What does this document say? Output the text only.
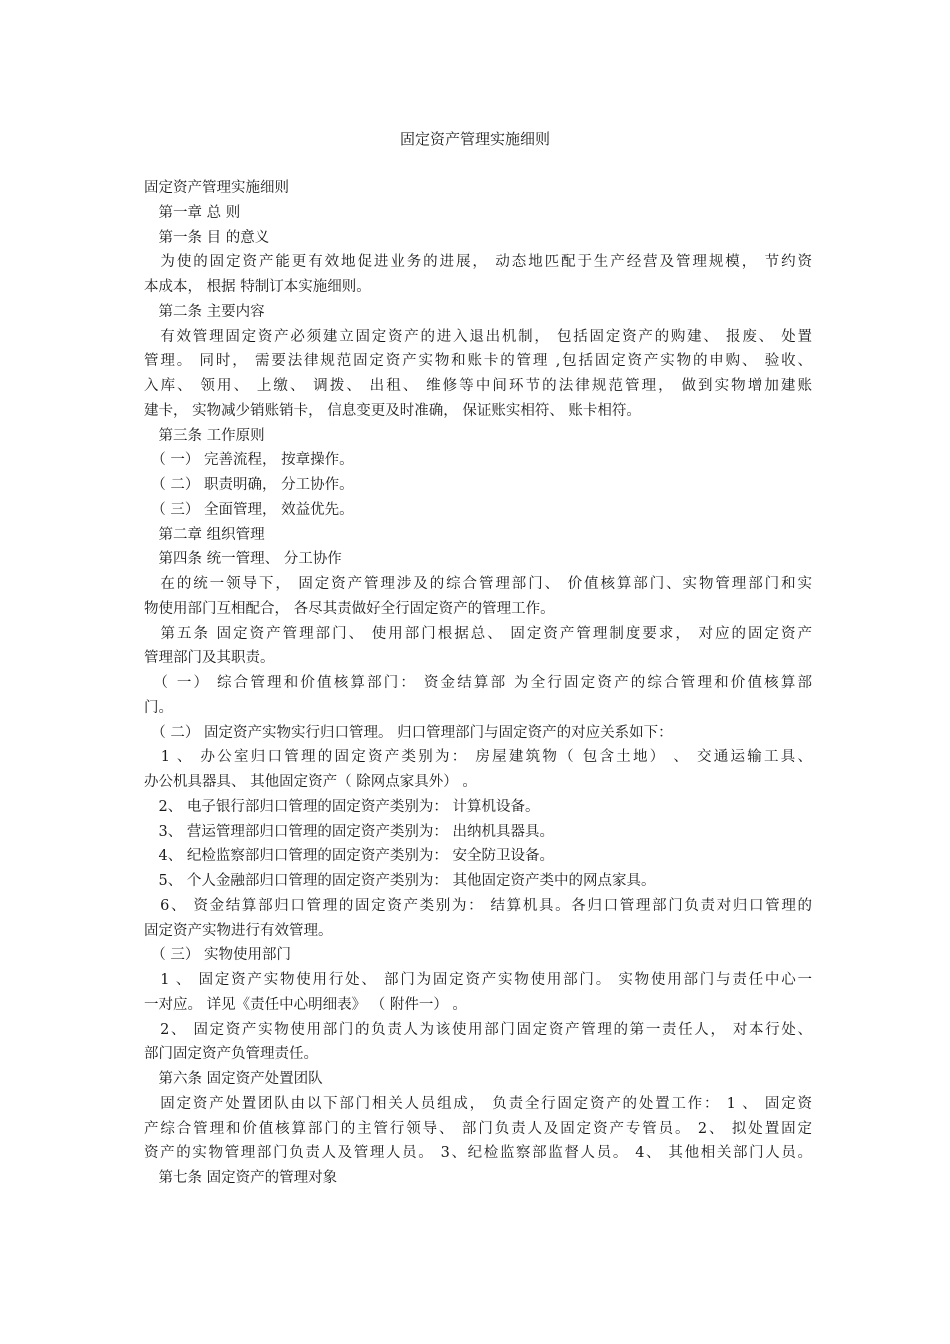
固定资产管理实施细则
固定资产管理实施细则
　第一章 总 则
　第一条 目 的意义
　为使的固定资产能更有效地促进业务的进展， 动态地匹配于生产经营及管理规模， 节约资
本成本， 根据 特制订本实施细则。
　第二条 主要内容
　有效管理固定资产必须建立固定资产的进入退出机制， 包括固定资产的购建、 报废、 处置
管理。 同时， 需要法律规范固定资产实物和账卡的管理 ,包括固定资产实物的申购、 验收、
入库、 领用、 上缴、 调拨、 出租、 维修等中间环节的法律规范管理， 做到实物增加建账
建卡， 实物减少销账销卡， 信息变更及时准确， 保证账实相符、 账卡相符。
　第三条 工作原则
　（ 一） 完善流程， 按章操作。
　（ 二） 职责明确， 分工协作。
　（ 三） 全面管理， 效益优先。
　第二章 组织管理
　第四条 统一管理、 分工协作
　在的统一领导下， 固定资产管理涉及的综合管理部门、 价值核算部门、实物管理部门和实
物使用部门互相配合， 各尽其责做好全行固定资产的管理工作。
　第五条 固定资产管理部门、 使用部门根据总、 固定资产管理制度要求， 对应的固定资产
管理部门及其职责。
　（ 一） 综合管理和价值核算部门： 资金结算部 为全行固定资产的综合管理和价值核算部
门。
　（ 二） 固定资产实物实行归口管理。 归口管理部门与固定资产的对应关系如下：
　1 、 办公室归口管理的固定资产类别为： 房屋建筑物（ 包含土地） 、 交通运输工具、
办公机具器具、 其他固定资产（ 除网点家具外） 。
　2、 电子银行部归口管理的固定资产类别为： 计算机设备。
　3、 营运管理部归口管理的固定资产类别为： 出纳机具器具。
　4、 纪检监察部归口管理的固定资产类别为： 安全防卫设备。
　5、 个人金融部归口管理的固定资产类别为： 其他固定资产类中的网点家具。
　6、 资金结算部归口管理的固定资产类别为： 结算机具。各归口管理部门负责对归口管理的
固定资产实物进行有效管理。
　（ 三） 实物使用部门
　1 、 固定资产实物使用行处、 部门为固定资产实物使用部门。 实物使用部门与责任中心一
一对应。 详见《责任中心明细表》 （ 附件一） 。
　2、 固定资产实物使用部门的负责人为该使用部门固定资产管理的第一责任人， 对本行处、
部门固定资产负管理责任。
　第六条 固定资产处置团队
　固定资产处置团队由以下部门相关人员组成， 负责全行固定资产的处置工作： 1 、 固定资
产综合管理和价值核算部门的主管行领导、 部门负责人及固定资产专管员。 2、 拟处置固定
资产的实物管理部门负责人及管理人员。 3、纪检监察部监督人员。 4、 其他相关部门人员。
　第七条 固定资产的管理对象
